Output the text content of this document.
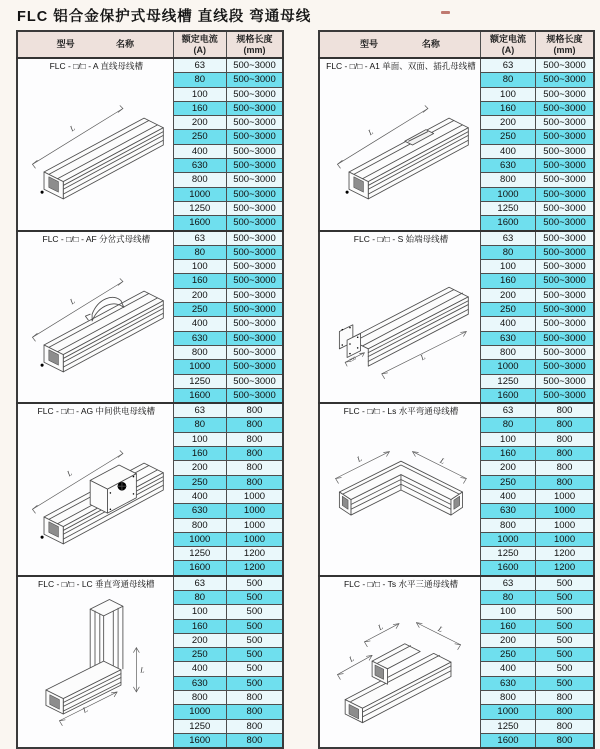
FLC 铝合金保护式母线槽 直线段 弯通母线
型号	名称

额定电流
(A)

规格长度
(mm)

FLC - □/□ - A 直线母线槽
L	63	500~3000
	80	500~3000
	100	500~3000
	160	500~3000
	200	500~3000
	250	500~3000
	400	500~3000
	630	500~3000
	800	500~3000
	1000	500~3000
	1250	500~3000
	1600	500~3000

FLC - □/□ - AF 分岔式母线槽
L	63	500~3000
	80	500~3000
	100	500~3000
	160	500~3000
	200	500~3000
	250	500~3000
	400	500~3000
	630	500~3000
	800	500~3000
	1000	500~3000
	1250	500~3000
	1600	500~3000

FLC - □/□ - AG 中间供电母线槽
L	63	800
	80	800
	100	800
	160	800
	200	800
	250	800
	400	1000
	630	1000
	800	1000
	1000	1000
	1250	1200
	1600	1200

FLC - □/□ - LC 垂直弯通母线槽
L
L	63	500
	80	500
	100	500
	160	500
	200	500
	250	500
	400	500
	630	500
	800	800
	1000	800
	1250	800
	1600	800
型号	名称

额定电流
(A)

规格长度
(mm)

FLC - □/□ - A1 单面、双面、插孔母线槽
L	63	500~3000
	80	500~3000
	100	500~3000
	160	500~3000
	200	500~3000
	250	500~3000
	400	500~3000
	630	500~3000
	800	500~3000
	1000	500~3000
	1250	500~3000
	1600	500~3000

FLC - □/□ - S 始端母线槽
L
200	63	500~3000
	80	500~3000
	100	500~3000
	160	500~3000
	200	500~3000
	250	500~3000
	400	500~3000
	630	500~3000
	800	500~3000
	1000	500~3000
	1250	500~3000
	1600	500~3000

FLC - □/□ - Ls 水平弯通母线槽
L L	63	800
	80	800
	100	800
	160	800
	200	800
	250	800
	400	1000
	630	1000
	800	1000
	1000	1000
	1250	1200
	1600	1200

FLC - □/□ - Ts 水平三通母线槽
L
L L	63	500
	80	500
	100	500
	160	500
	200	500
	250	500
	400	500
	630	500
	800	800
	1000	800
	1250	800
	1600	800
